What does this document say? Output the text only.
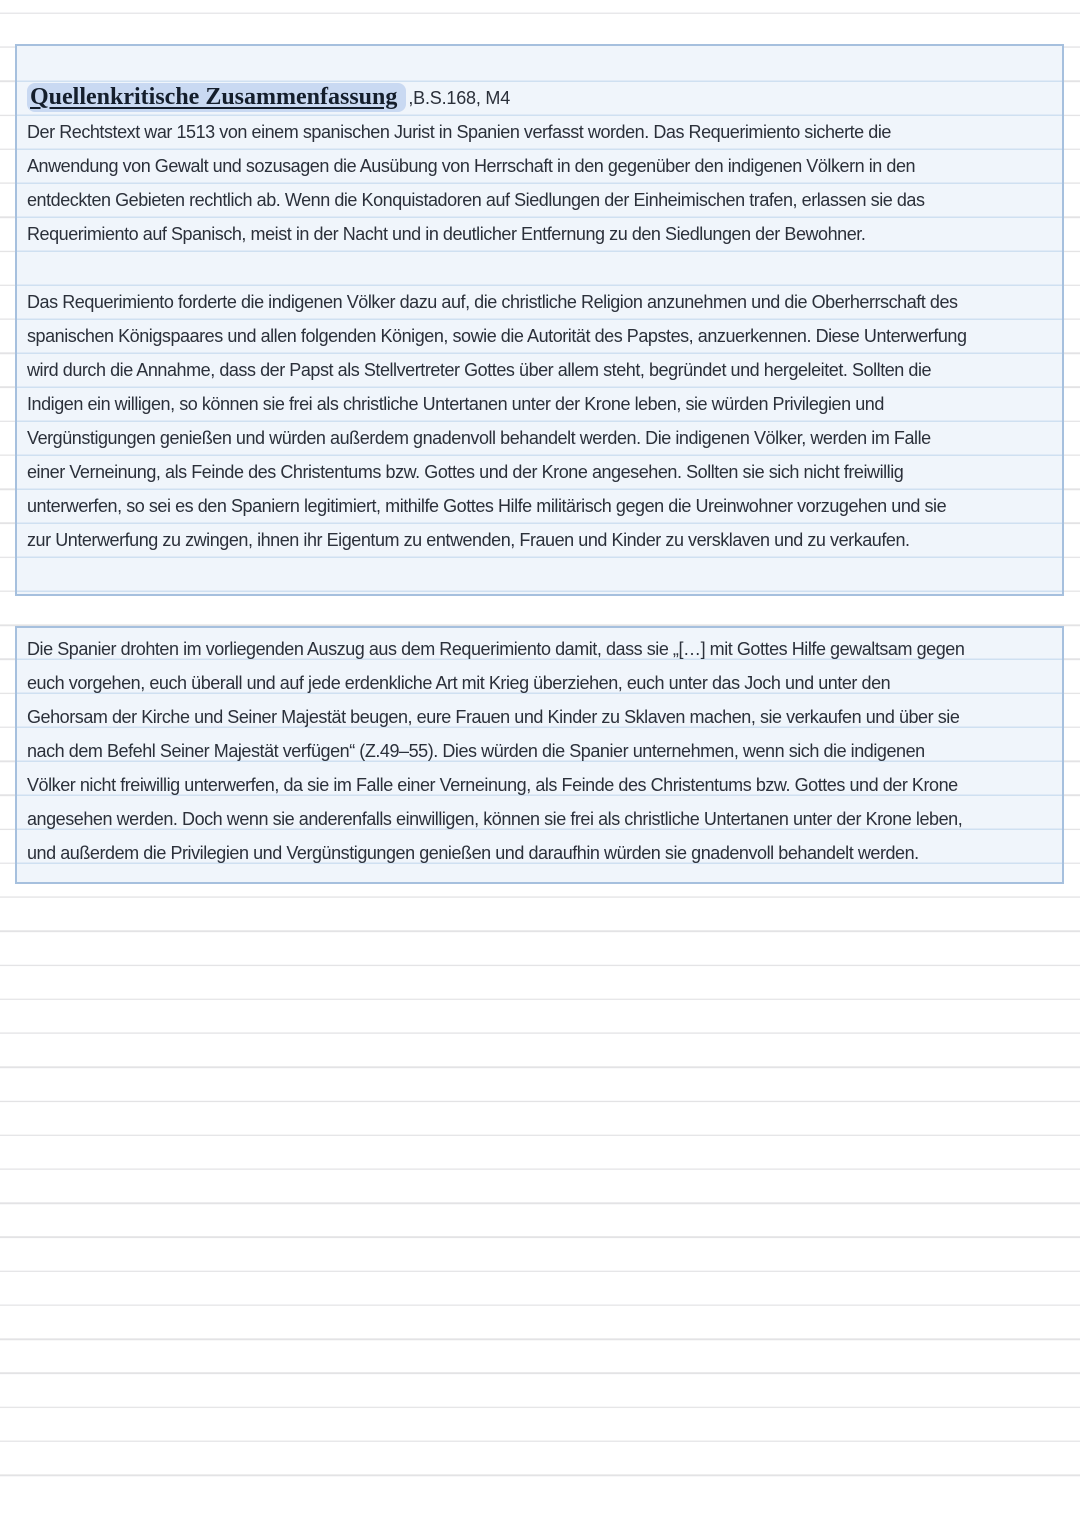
Quellenkritische Zusammenfassung ,B.S.168, M4
Der Rechtstext war 1513 von einem spanischen Jurist in Spanien verfasst worden. Das Requerimiento sicherte die
Anwendung von Gewalt und sozusagen die Ausübung von Herrschaft in den gegenüber den indigenen Völkern in den
entdeckten Gebieten rechtlich ab. Wenn die Konquistadoren auf Siedlungen der Einheimischen trafen, erlassen sie das
Requerimiento auf Spanisch, meist in der Nacht und in deutlicher Entfernung zu den Siedlungen der Bewohner.
Das Requerimiento forderte die indigenen Völker dazu auf, die christliche Religion anzunehmen und die Oberherrschaft des
spanischen Königspaares und allen folgenden Königen, sowie die Autorität des Papstes, anzuerkennen. Diese Unterwerfung
wird durch die Annahme, dass der Papst als Stellvertreter Gottes über allem steht, begründet und hergeleitet. Sollten die
Indigen ein willigen, so können sie frei als christliche Untertanen unter der Krone leben, sie würden Privilegien und
Vergünstigungen genießen und würden außerdem gnadenvoll behandelt werden. Die indigenen Völker, werden im Falle
einer Verneinung, als Feinde des Christentums bzw. Gottes und der Krone angesehen. Sollten sie sich nicht freiwillig
unterwerfen, so sei es den Spaniern legitimiert, mithilfe Gottes Hilfe militärisch gegen die Ureinwohner vorzugehen und sie
zur Unterwerfung zu zwingen, ihnen ihr Eigentum zu entwenden, Frauen und Kinder zu versklaven und zu verkaufen.
Die Spanier drohten im vorliegenden Auszug aus dem Requerimiento damit, dass sie „[…] mit Gottes Hilfe gewaltsam gegen
euch vorgehen, euch überall und auf jede erdenkliche Art mit Krieg überziehen, euch unter das Joch und unter den
Gehorsam der Kirche und Seiner Majestät beugen, eure Frauen und Kinder zu Sklaven machen, sie verkaufen und über sie
nach dem Befehl Seiner Majestät verfügen“ (Z.49–55). Dies würden die Spanier unternehmen, wenn sich die indigenen
Völker nicht freiwillig unterwerfen, da sie im Falle einer Verneinung, als Feinde des Christentums bzw. Gottes und der Krone
angesehen werden. Doch wenn sie anderenfalls einwilligen, können sie frei als christliche Untertanen unter der Krone leben,
und außerdem die Privilegien und Vergünstigungen genießen und daraufhin würden sie gnadenvoll behandelt werden.
